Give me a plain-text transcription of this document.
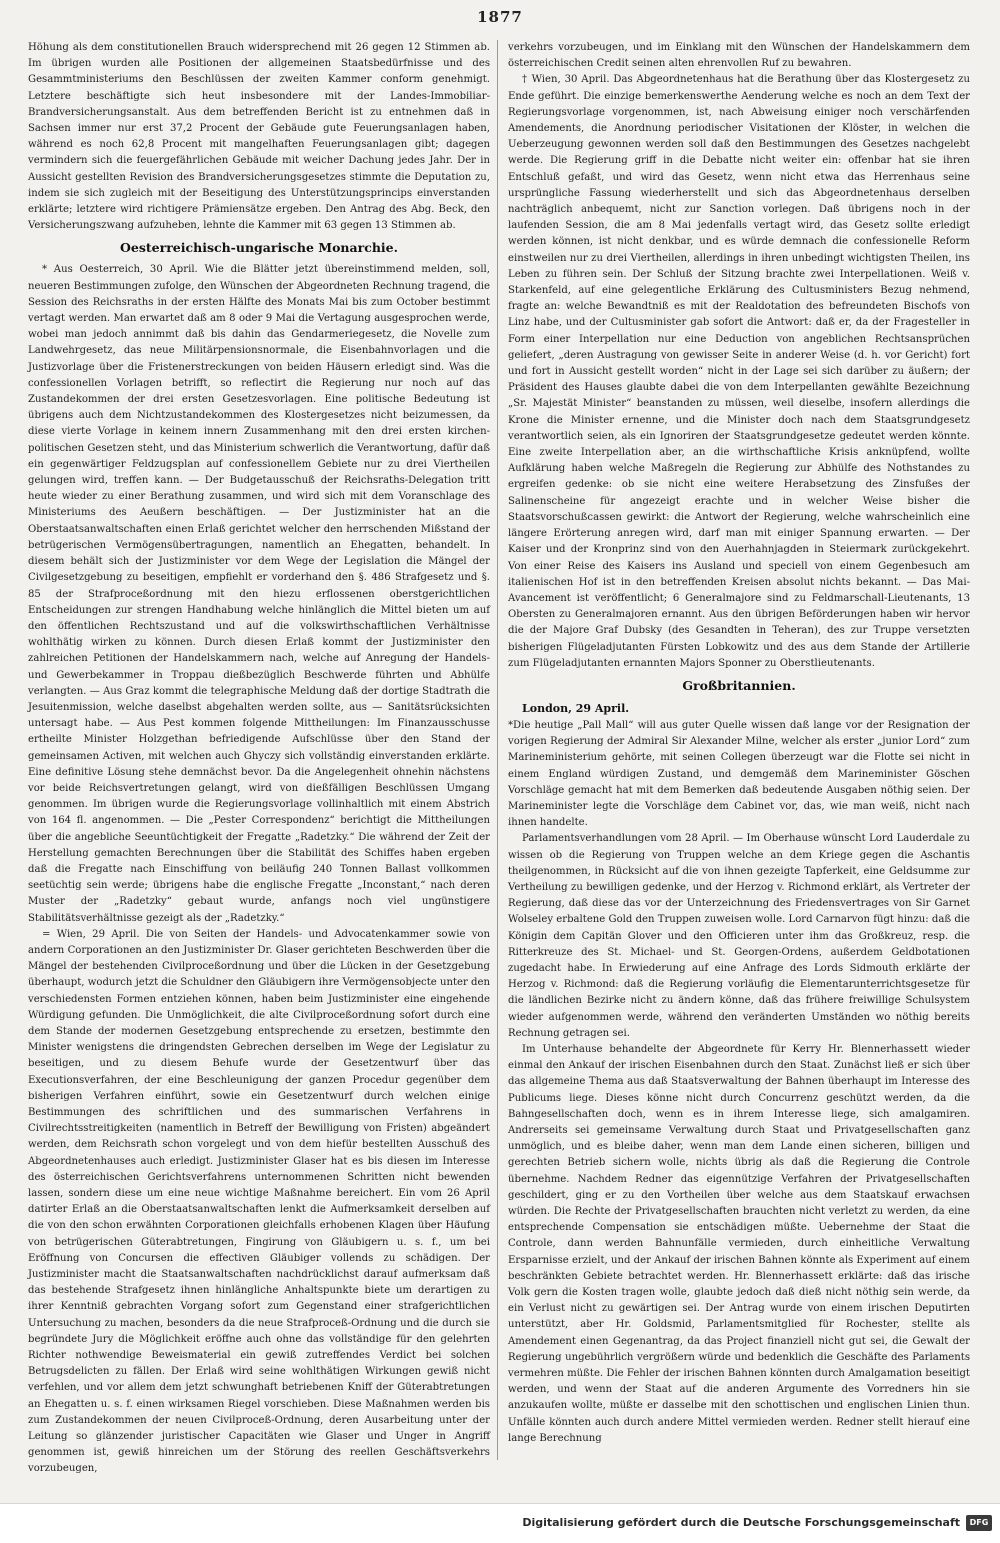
1877

Höhung als dem constitutionellen Brauch widersprechend mit 26 gegen 12 Stimmen ab. Im übrigen wurden alle Positionen der allgemeinen Staatsbedürfnisse und des Gesammtministeriums den Beschlüssen der zweiten Kammer conform genehmigt. Letztere beschäftigte sich heut insbesondere mit der Landes-Immobiliar-Brandversicherungsanstalt. Aus dem betreffenden Bericht ist zu entnehmen daß in Sachsen immer nur erst 37,2 Procent der Gebäude gute Feuerungsanlagen haben, während es noch 62,8 Procent mit mangelhaften Feuerungsanlagen gibt; dagegen vermindern sich die feuergefährlichen Gebäude mit weicher Dachung jedes Jahr. Der in Aussicht gestellten Revision des Brandversicherungsgesetzes stimmte die Deputation zu, indem sie sich zugleich mit der Beseitigung des Unterstützungsprincips einverstanden erklärte; letztere wird richtigere Prämiensätze ergeben. Den Antrag des Abg. Beck, den Versicherungszwang aufzuheben, lehnte die Kammer mit 63 gegen 13 Stimmen ab.

Oesterreichisch-ungarische Monarchie.

* Aus Oesterreich, 30 April. Wie die Blätter jetzt übereinstimmend melden, soll, neueren Bestimmungen zufolge, den Wünschen der Abgeordneten Rechnung tragend, die Session des Reichsraths in der ersten Hälfte des Monats Mai bis zum October bestimmt vertagt werden. Man erwartet daß am 8 oder 9 Mai die Vertagung ausgesprochen werde, wobei man jedoch annimmt daß bis dahin das Gendarmeriegesetz, die Novelle zum Landwehrgesetz, das neue Militärpensionsnormale, die Eisenbahnvorlagen und die Justizvorlage über die Fristenerstreckungen von beiden Häusern erledigt sind. Was die confessionellen Vorlagen betrifft, so reflectirt die Regierung nur noch auf das Zustandekommen der drei ersten Gesetzesvorlagen. Eine politische Bedeutung ist übrigens auch dem Nichtzustandekommen des Klostergesetzes nicht beizumessen, da diese vierte Vorlage in keinem innern Zusammenhang mit den drei ersten kirchen-politischen Gesetzen steht, und das Ministerium schwerlich die Verantwortung, dafür daß ein gegenwärtiger Feldzugsplan auf confessionellem Gebiete nur zu drei Viertheilen gelungen wird, treffen kann. — Der Budgetausschuß der Reichsraths-Delegation tritt heute wieder zu einer Berathung zusammen, und wird sich mit dem Voranschlage des Ministeriums des Aeußern beschäftigen. — Der Justizminister hat an die Oberstaatsanwaltschaften einen Erlaß gerichtet welcher den herrschenden Mißstand der betrügerischen Vermögensübertragungen, namentlich an Ehegatten, behandelt. In diesem behält sich der Justizminister vor dem Wege der Legislation die Mängel der Civilgesetzgebung zu beseitigen, empfiehlt er vorderhand den §. 486 Strafgesetz und §. 85 der Strafproceßordnung mit den hiezu erflossenen oberstgerichtlichen Entscheidungen zur strengen Handhabung welche hinlänglich die Mittel bieten um auf den öffentlichen Rechtszustand und auf die volkswirthschaftlichen Verhältnisse wohlthätig wirken zu können. Durch diesen Erlaß kommt der Justizminister den zahlreichen Petitionen der Handelskammern nach, welche auf Anregung der Handels- und Gewerbekammer in Troppau dießbezüglich Beschwerde führten und Abhülfe verlangten. — Aus Graz kommt die telegraphische Meldung daß der dortige Stadtrath die Jesuitenmission, welche daselbst abgehalten werden sollte, aus — Sanitätsrücksichten untersagt habe. — Aus Pest kommen folgende Mittheilungen: Im Finanzausschusse ertheilte Minister Holzgethan befriedigende Aufschlüsse über den Stand der gemeinsamen Activen, mit welchen auch Ghyczy sich vollständig einverstanden erklärte. Eine definitive Lösung stehe demnächst bevor. Da die Angelegenheit ohnehin nächstens vor beide Reichsvertretungen gelangt, wird von dießfälligen Beschlüssen Umgang genommen. Im übrigen wurde die Regierungsvorlage vollinhaltlich mit einem Abstrich von 164 fl. angenommen. — Die „Pester Correspondenz“ berichtigt die Mittheilungen über die angebliche Seeuntüchtigkeit der Fregatte „Radetzky.“ Die während der Zeit der Herstellung gemachten Berechnungen über die Stabilität des Schiffes haben ergeben daß die Fregatte nach Einschiffung von beiläufig 240 Tonnen Ballast vollkommen seetüchtig sein werde; übrigens habe die englische Fregatte „Inconstant,“ nach deren Muster der „Radetzky“ gebaut wurde, anfangs noch viel ungünstigere Stabilitätsverhältnisse gezeigt als der „Radetzky.“

= Wien, 29 April. Die von Seiten der Handels- und Advocatenkammer sowie von andern Corporationen an den Justizminister Dr. Glaser gerichteten Beschwerden über die Mängel der bestehenden Civilproceßordnung und über die Lücken in der Gesetzgebung überhaupt, wodurch jetzt die Schuldner den Gläubigern ihre Vermögensobjecte unter den verschiedensten Formen entziehen können, haben beim Justizminister eine eingehende Würdigung gefunden. Die Unmöglichkeit, die alte Civilproceßordnung sofort durch eine dem Stande der modernen Gesetzgebung entsprechende zu ersetzen, bestimmte den Minister wenigstens die dringendsten Gebrechen derselben im Wege der Legislatur zu beseitigen, und zu diesem Behufe wurde der Gesetzentwurf über das Executionsverfahren, der eine Beschleunigung der ganzen Procedur gegenüber dem bisherigen Verfahren einführt, sowie ein Gesetzentwurf durch welchen einige Bestimmungen des schriftlichen und des summarischen Verfahrens in Civilrechtsstreitigkeiten (namentlich in Betreff der Bewilligung von Fristen) abgeändert werden, dem Reichsrath schon vorgelegt und von dem hiefür bestellten Ausschuß des Abgeordnetenhauses auch erledigt. Justizminister Glaser hat es bis diesen im Interesse des österreichischen Gerichtsverfahrens unternommenen Schritten nicht bewenden lassen, sondern diese um eine neue wichtige Maßnahme bereichert. Ein vom 26 April datirter Erlaß an die Oberstaatsanwaltschaften lenkt die Aufmerksamkeit derselben auf die von den schon erwähnten Corporationen gleichfalls erhobenen Klagen über Häufung von betrügerischen Güterabtretungen, Fingirung von Gläubigern u. s. f., um bei Eröffnung von Concursen die effectiven Gläubiger vollends zu schädigen. Der Justizminister macht die Staatsanwaltschaften nachdrücklichst darauf aufmerksam daß das bestehende Strafgesetz ihnen hinlängliche Anhaltspunkte biete um derartigen zu ihrer Kenntniß gebrachten Vorgang sofort zum Gegenstand einer strafgerichtlichen Untersuchung zu machen, besonders da die neue Strafproceß-Ordnung und die durch sie begründete Jury die Möglichkeit eröffne auch ohne das vollständige für den gelehrten Richter nothwendige Beweismaterial ein gewiß zutreffendes Verdict bei solchen Betrugsdelicten zu fällen. Der Erlaß wird seine wohlthätigen Wirkungen gewiß nicht verfehlen, und vor allem dem jetzt schwunghaft betriebenen Kniff der Güterabtretungen an Ehegatten u. s. f. einen wirksamen Riegel vorschieben. Diese Maßnahmen werden bis zum Zustandekommen der neuen Civilproceß-Ordnung, deren Ausarbeitung unter der Leitung so glänzender juristischer Capacitäten wie Glaser und Unger in Angriff genommen ist, gewiß hinreichen um der Störung des reellen Geschäftsverkehrs vorzubeugen,

verkehrs vorzubeugen, und im Einklang mit den Wünschen der Handelskammern dem österreichischen Credit seinen alten ehrenvollen Ruf zu bewahren.

† Wien, 30 April. Das Abgeordnetenhaus hat die Berathung über das Klostergesetz zu Ende geführt. Die einzige bemerkenswerthe Aenderung welche es noch an dem Text der Regierungsvorlage vorgenommen, ist, nach Abweisung einiger noch verschärfenden Amendements, die Anordnung periodischer Visitationen der Klöster, in welchen die Ueberzeugung gewonnen werden soll daß den Bestimmungen des Gesetzes nachgelebt werde. Die Regierung griff in die Debatte nicht weiter ein: offenbar hat sie ihren Entschluß gefaßt, und wird das Gesetz, wenn nicht etwa das Herrenhaus seine ursprüngliche Fassung wiederherstellt und sich das Abgeordnetenhaus derselben nachträglich anbequemt, nicht zur Sanction vorlegen. Daß übrigens noch in der laufenden Session, die am 8 Mai jedenfalls vertagt wird, das Gesetz sollte erledigt werden können, ist nicht denkbar, und es würde demnach die confessionelle Reform einstweilen nur zu drei Viertheilen, allerdings in ihren unbedingt wichtigsten Theilen, ins Leben zu führen sein. Der Schluß der Sitzung brachte zwei Interpellationen. Weiß v. Starkenfeld, auf eine gelegentliche Erklärung des Cultusministers Bezug nehmend, fragte an: welche Bewandtniß es mit der Realdotation des befreundeten Bischofs von Linz habe, und der Cultusminister gab sofort die Antwort: daß er, da der Fragesteller in Form einer Interpellation nur eine Deduction von angeblichen Rechtsansprüchen geliefert, „deren Austragung von gewisser Seite in anderer Weise (d. h. vor Gericht) fort und fort in Aussicht gestellt worden“ nicht in der Lage sei sich darüber zu äußern; der Präsident des Hauses glaubte dabei die von dem Interpellanten gewählte Bezeichnung „Sr. Majestät Minister“ beanstanden zu müssen, weil dieselbe, insofern allerdings die Krone die Minister ernenne, und die Minister doch nach dem Staatsgrundgesetz verantwortlich seien, als ein Ignoriren der Staatsgrundgesetze gedeutet werden könnte. Eine zweite Interpellation aber, an die wirthschaftliche Krisis anknüpfend, wollte Aufklärung haben welche Maßregeln die Regierung zur Abhülfe des Nothstandes zu ergreifen gedenke: ob sie nicht eine weitere Herabsetzung des Zinsfußes der Salinenscheine für angezeigt erachte und in welcher Weise bisher die Staatsvorschußcassen gewirkt: die Antwort der Regierung, welche wahrscheinlich eine längere Erörterung anregen wird, darf man mit einiger Spannung erwarten. — Der Kaiser und der Kronprinz sind von den Auerhahnjagden in Steiermark zurückgekehrt. Von einer Reise des Kaisers ins Ausland und speciell von einem Gegenbesuch am italienischen Hof ist in den betreffenden Kreisen absolut nichts bekannt. — Das Mai-Avancement ist veröffentlicht; 6 Generalmajore sind zu Feldmarschall-Lieutenants, 13 Obersten zu Generalmajoren ernannt. Aus den übrigen Beförderungen haben wir hervor die der Majore Graf Dubsky (des Gesandten in Teheran), des zur Truppe versetzten bisherigen Flügeladjutanten Fürsten Lobkowitz und des aus dem Stande der Artillerie zum Flügeladjutanten ernannten Majors Sponner zu Oberstlieutenants.

Großbritannien.
London, 29 April.

*Die heutige „Pall Mall“ will aus guter Quelle wissen daß lange vor der Resignation der vorigen Regierung der Admiral Sir Alexander Milne, welcher als erster „junior Lord“ zum Marineministerium gehörte, mit seinen Collegen überzeugt war die Flotte sei nicht in einem England würdigen Zustand, und demgemäß dem Marineminister Göschen Vorschläge gemacht hat mit dem Bemerken daß bedeutende Ausgaben nöthig seien. Der Marineminister legte die Vorschläge dem Cabinet vor, das, wie man weiß, nicht nach ihnen handelte.

Parlamentsverhandlungen vom 28 April. — Im Oberhause wünscht Lord Lauderdale zu wissen ob die Regierung von Truppen welche an dem Kriege gegen die Aschantis theilgenommen, in Rücksicht auf die von ihnen gezeigte Tapferkeit, eine Geldsumme zur Vertheilung zu bewilligen gedenke, und der Herzog v. Richmond erklärt, als Vertreter der Regierung, daß diese das vor der Unterzeichnung des Friedensvertrages von Sir Garnet Wolseley erbaltene Gold den Truppen zuweisen wolle. Lord Carnarvon fügt hinzu: daß die Königin dem Capitän Glover und den Officieren unter ihm das Großkreuz, resp. die Ritterkreuze des St. Michael- und St. Georgen-Ordens, außerdem Geldbotationen zugedacht habe. In Erwiederung auf eine Anfrage des Lords Sidmouth erklärte der Herzog v. Richmond: daß die Regierung vorläufig die Elementarunterrichtsgesetze für die ländlichen Bezirke nicht zu ändern könne, daß das frühere freiwillige Schulsystem wieder aufgenommen werde, während den veränderten Umständen wo nöthig bereits Rechnung getragen sei.

Im Unterhause behandelte der Abgeordnete für Kerry Hr. Blennerhassett wieder einmal den Ankauf der irischen Eisenbahnen durch den Staat. Zunächst ließ er sich über das allgemeine Thema aus daß Staatsverwaltung der Bahnen überhaupt im Interesse des Publicums liege. Dieses könne nicht durch Concurrenz geschützt werden, da die Bahngesellschaften doch, wenn es in ihrem Interesse liege, sich amalgamiren. Andrerseits sei gemeinsame Verwaltung durch Staat und Privatgesellschaften ganz unmöglich, und es bleibe daher, wenn man dem Lande einen sicheren, billigen und gerechten Betrieb sichern wolle, nichts übrig als daß die Regierung die Controle übernehme. Nachdem Redner das eigennützige Verfahren der Privatgesellschaften geschildert, ging er zu den Vortheilen über welche aus dem Staatskauf erwachsen würden. Die Rechte der Privatgesellschaften brauchten nicht verletzt zu werden, da eine entsprechende Compensation sie entschädigen müßte. Uebernehme der Staat die Controle, dann werden Bahnunfälle vermieden, durch einheitliche Verwaltung Ersparnisse erzielt, und der Ankauf der irischen Bahnen könnte als Experiment auf einem beschränkten Gebiete betrachtet werden. Hr. Blennerhassett erklärte: daß das irische Volk gern die Kosten tragen wolle, glaubte jedoch daß dieß nicht nöthig sein werde, da ein Verlust nicht zu gewärtigen sei. Der Antrag wurde von einem irischen Deputirten unterstützt, aber Hr. Goldsmid, Parlamentsmitglied für Rochester, stellte als Amendement einen Gegenantrag, da das Project finanziell nicht gut sei, die Gewalt der Regierung ungebührlich vergrößern würde und bedenklich die Geschäfte des Parlaments vermehren müßte. Die Fehler der irischen Bahnen könnten durch Amalgamation beseitigt werden, und wenn der Staat auf die anderen Argumente des Vorredners hin sie anzukaufen wollte, müßte er dasselbe mit den schottischen und englischen Linien thun. Unfälle könnten auch durch andere Mittel vermieden werden. Redner stellt hierauf eine lange Berechnung

Digitalisierung gefördert durch die Deutsche Forschungsgemeinschaft	DFG
